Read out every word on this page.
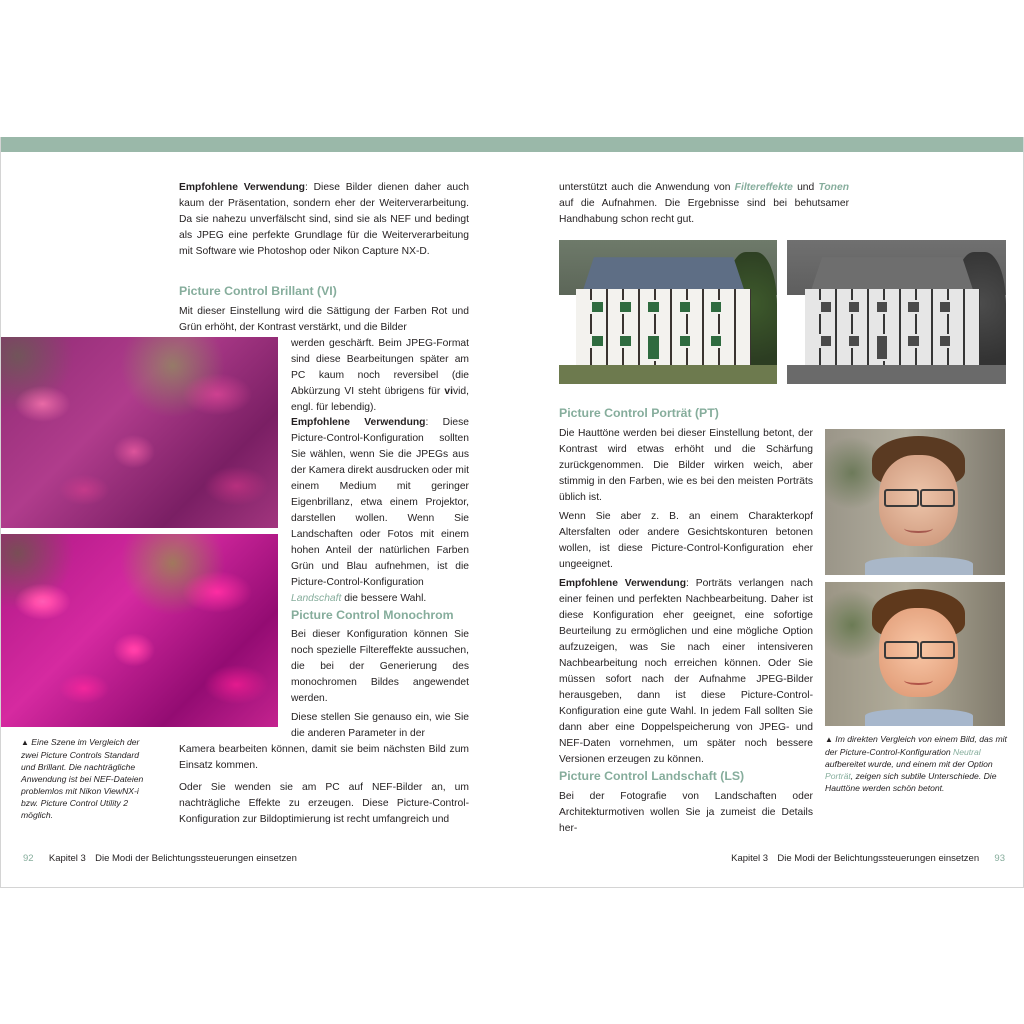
Empfohlene Verwendung: Diese Bilder dienen daher auch kaum der Präsentation, sondern eher der Weiterverarbeitung. Da sie nahezu unverfälscht sind, sind sie als NEF und bedingt als JPEG eine perfekte Grundlage für die Weiterverarbeitung mit Software wie Photoshop oder Nikon Capture NX-D.

Picture Control Brillant (VI)

Mit dieser Einstellung wird die Sättigung der Farben Rot und Grün erhöht, der Kontrast verstärkt, und die Bilder

werden geschärft. Beim JPEG-Format sind diese Bearbeitungen später am PC kaum noch reversibel (die Abkürzung VI steht übrigens für vivid, engl. für lebendig).

Empfohlene Verwendung: Diese Picture-Control-Konfiguration sollten Sie wählen, wenn Sie die JPEGs aus der Kamera direkt ausdrucken oder mit einem Medium mit geringer Eigenbrillanz, etwa einem Projektor, darstellen wollen. Wenn Sie Landschaften oder Fotos mit einem hohen Anteil der natürlichen Farben Grün und Blau aufnehmen, ist die Picture-Control-Konfiguration Landschaft die bessere Wahl.

Picture Control Monochrom

Bei dieser Konfiguration können Sie noch spezielle Filtereffekte aussuchen, die bei der Generierung des monochromen Bildes angewendet werden.

Diese stellen Sie genauso ein, wie Sie die anderen Parameter in der

Kamera bearbeiten können, damit sie beim nächsten Bild zum Einsatz kommen.

Oder Sie wenden sie am PC auf NEF-Bilder an, um nachträgliche Effekte zu erzeugen. Diese Picture-Control-Konfiguration zur Bildoptimierung ist recht umfangreich und

▲ Eine Szene im Vergleich der zwei Picture Controls Standard und Brillant. Die nachträgliche Anwendung ist bei NEF-Dateien problemlos mit Nikon ViewNX-i bzw. Picture Control Utility 2 möglich.

92 Kapitel 3 Die Modi der Belichtungssteuerungen einsetzen

unterstützt auch die Anwendung von Filtereffekte und Tonen auf die Aufnahmen. Die Ergebnisse sind bei behutsamer Handhabung schon recht gut.

Picture Control Porträt (PT)

Die Hauttöne werden bei dieser Einstellung betont, der Kontrast wird etwas erhöht und die Schärfung zurückgenommen. Die Bilder wirken weich, aber stimmig in den Farben, wie es bei den meisten Porträts üblich ist.

Wenn Sie aber z. B. an einem Charakterkopf Altersfalten oder andere Gesichtskonturen betonen wollen, ist diese Picture-Control-Konfiguration eher ungeeignet.

Empfohlene Verwendung: Porträts verlangen nach einer feinen und perfekten Nachbearbeitung. Daher ist diese Konfiguration eher geeignet, eine sofortige Beurteilung zu ermöglichen und eine mögliche Option aufzuzeigen, was Sie nach einer intensiveren Nachbearbeitung noch erreichen können. Oder Sie müssen sofort nach der Aufnahme JPEG-Bilder herausgeben, dann ist diese Picture-Control-Konfiguration eine gute Wahl. In jedem Fall sollten Sie dann aber eine Doppelspeicherung von JPEG- und NEF-Daten vornehmen, um später noch bessere Versionen erzeugen zu können.

Picture Control Landschaft (LS)

Bei der Fotografie von Landschaften oder Architekturmotiven wollen Sie ja zumeist die Details her-

▲ Im direkten Vergleich von einem Bild, das mit der Picture-Control-Konfiguration Neutral aufbereitet wurde, und einem mit der Option Porträt, zeigen sich subtile Unterschiede. Die Hauttöne werden schön betont.

Kapitel 3 Die Modi der Belichtungssteuerungen einsetzen 93
